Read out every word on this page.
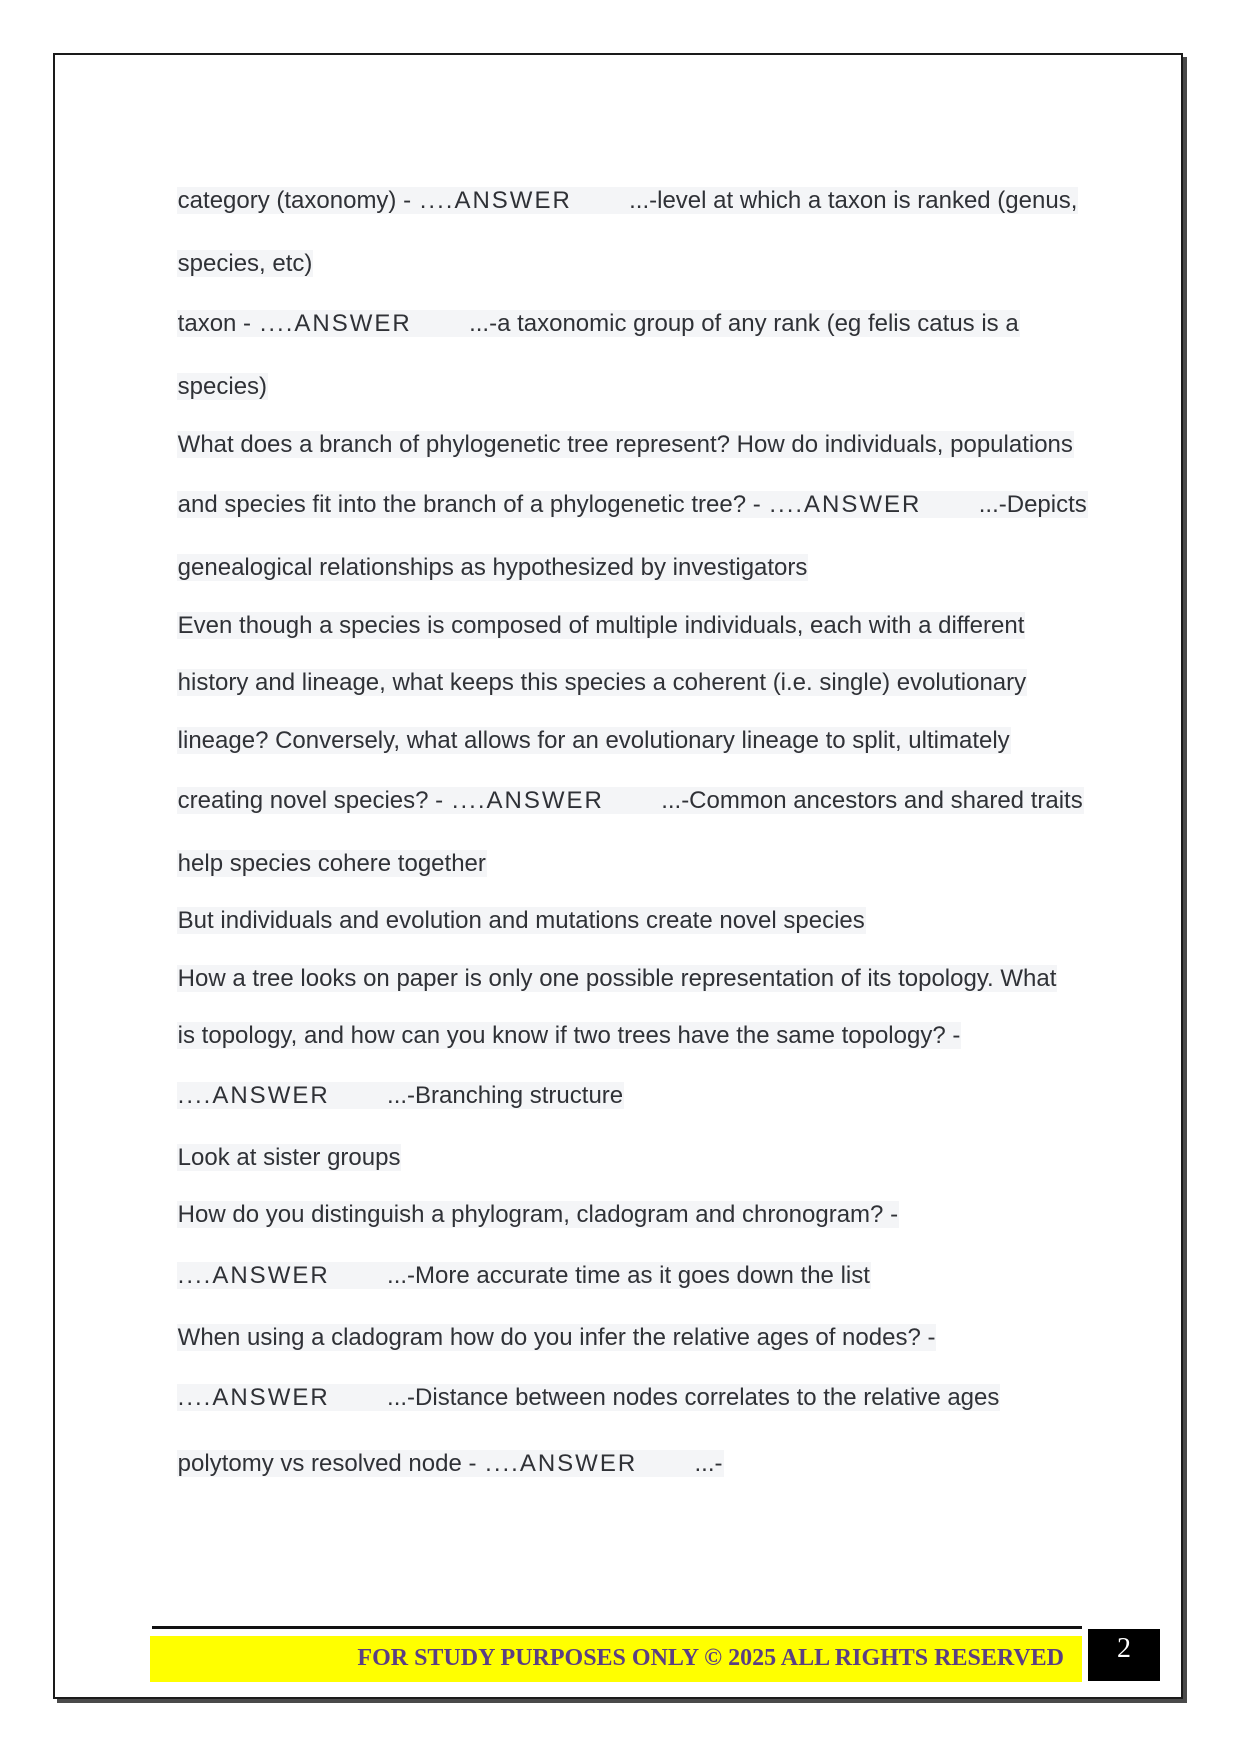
category (taxonomy) - ....ANSWER ...-level at which a taxon is ranked (genus,

species, etc)

taxon - ....ANSWER ...-a taxonomic group of any rank (eg felis catus is a

species)

What does a branch of phylogenetic tree represent? How do individuals, populations

and species fit into the branch of a phylogenetic tree? - ....ANSWER ...-Depicts

genealogical relationships as hypothesized by investigators

Even though a species is composed of multiple individuals, each with a different

history and lineage, what keeps this species a coherent (i.e. single) evolutionary

lineage? Conversely, what allows for an evolutionary lineage to split, ultimately

creating novel species? - ....ANSWER ...-Common ancestors and shared traits

help species cohere together

But individuals and evolution and mutations create novel species

How a tree looks on paper is only one possible representation of its topology. What

is topology, and how can you know if two trees have the same topology? -

....ANSWER ...-Branching structure

Look at sister groups

How do you distinguish a phylogram, cladogram and chronogram? -

....ANSWER ...-More accurate time as it goes down the list

When using a cladogram how do you infer the relative ages of nodes? -

....ANSWER ...-Distance between nodes correlates to the relative ages

polytomy vs resolved node - ....ANSWER ...-

FOR STUDY PURPOSES ONLY © 2025 ALL RIGHTS RESERVED	2
